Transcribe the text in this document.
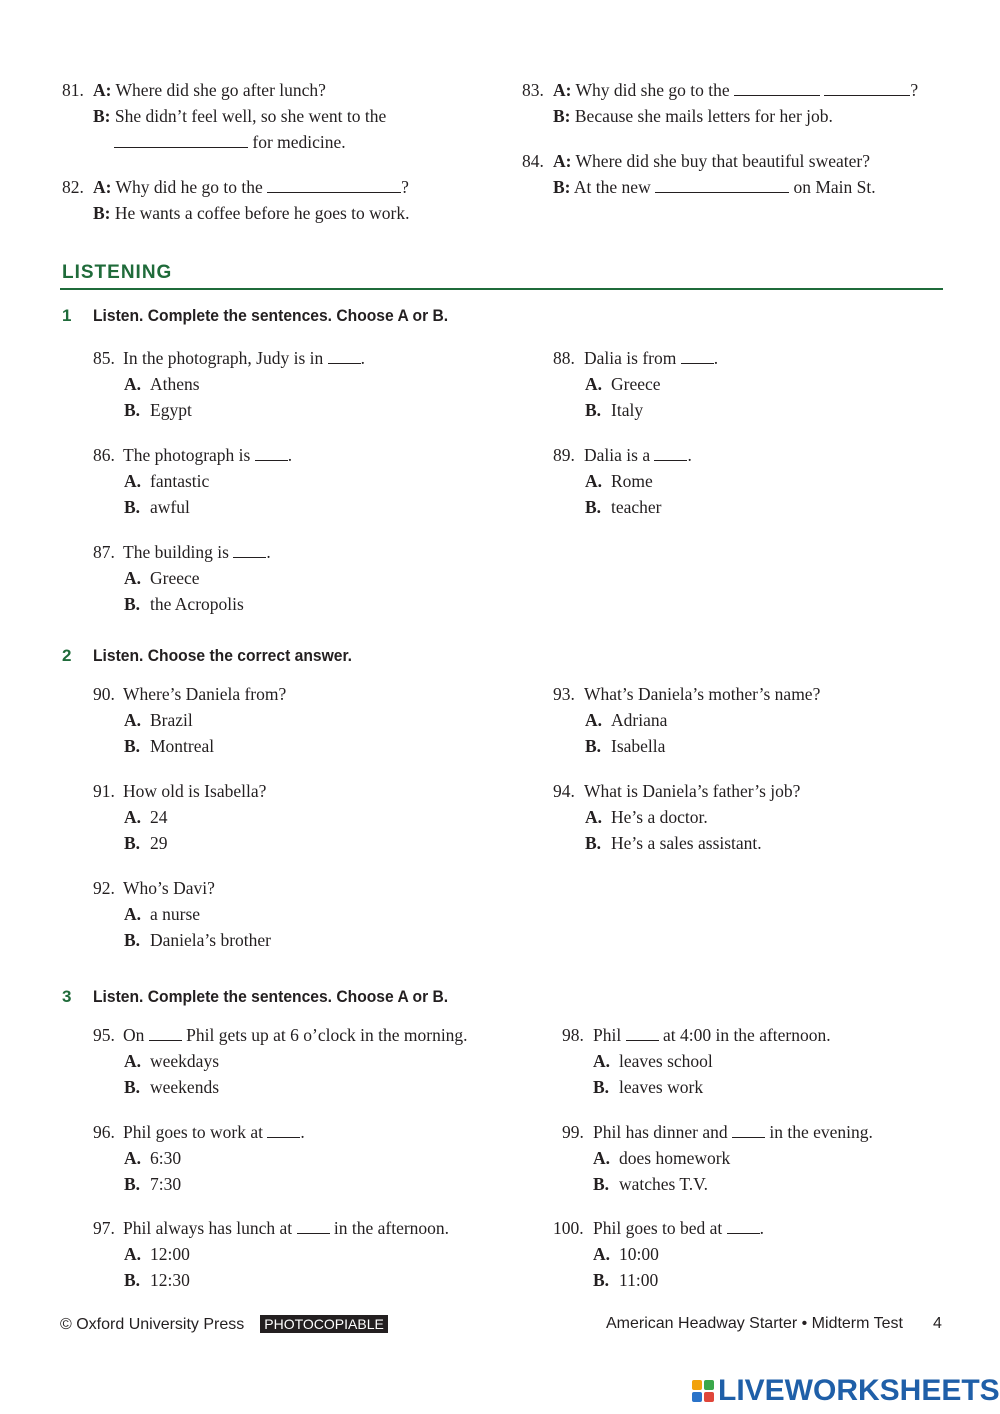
81. A: Where did she go after lunch?
B: She didn’t feel well, so she went to the
for medicine.
82. A: Why did he go to the	?
B: He wants a coffee before he goes to work.
83. A: Why did she go to the	?
B: Because she mails letters for her job.
84. A: Where did she buy that beautiful sweater?
B: At the new	on Main St.
LISTENING
1 Listen. Complete the sentences. Choose A or B.
85. In the photograph, Judy is in .
A. Athens
B. Egypt
86. The photograph is .
A. fantastic
B. awful
87. The building is .
A. Greece
B. the Acropolis
88. Dalia is from .
A. Greece
B. Italy
89. Dalia is a .
A. Rome
B. teacher
2 Listen. Choose the correct answer.
90. Where’s Daniela from?
A. Brazil
B. Montreal
91. How old is Isabella?
A. 24
B. 29
92. Who’s Davi?
A. a nurse
B. Daniela’s brother
93. What’s Daniela’s mother’s name?
A. Adriana
B. Isabella
94. What is Daniela’s father’s job?
A. He’s a doctor.
B. He’s a sales assistant.
3 Listen. Complete the sentences. Choose A or B.
95. On Phil gets up at 6 o’clock in the morning.
A. weekdays
B. weekends
96. Phil goes to work at .
A. 6:30
B. 7:30
97. Phil always has lunch at in the afternoon.
A. 12:00
B. 12:30
98. Phil at 4:00 in the afternoon.
A. leaves school
B. leaves work
99. Phil has dinner and in the evening.
A. does homework
B. watches T.V.
100. Phil goes to bed at .
A. 10:00
B. 11:00
© Oxford University Press PHOTOCOPIABLE	American Headway Starter • Midterm Test 4
LIVEWORKSHEETS
